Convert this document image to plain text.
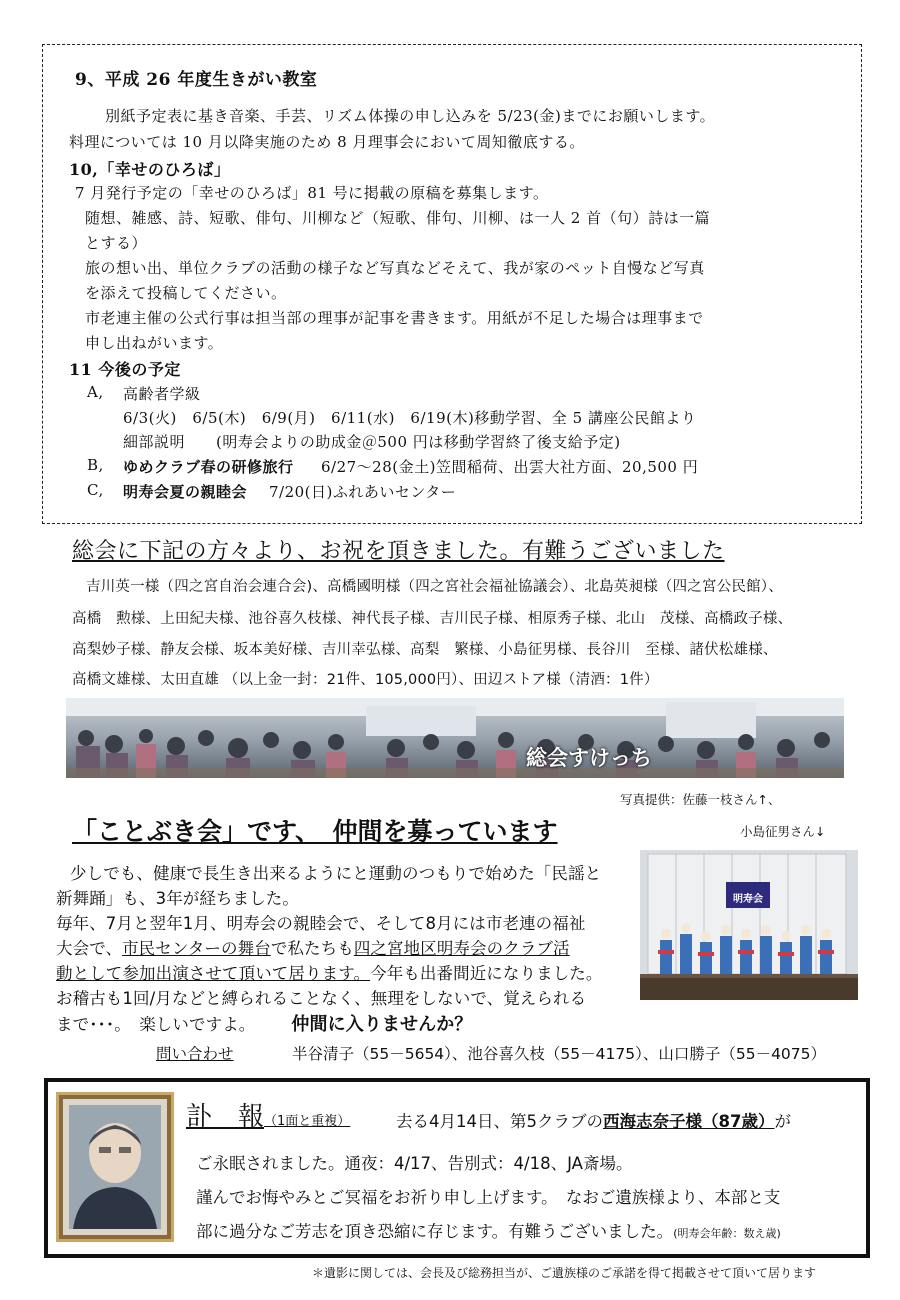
9、平成 26 年度生きがい教室
別紙予定表に基き音楽、手芸、リズム体操の申し込みを 5/23(金)までにお願いします。
料理については 10 月以降実施のため 8 月理事会において周知徹底する。
10,「幸せのひろば」
7 月発行予定の「幸せのひろば」81 号に掲載の原稿を募集します。
随想、雑感、詩、短歌、俳句、川柳など（短歌、俳句、川柳、は一人 2 首（句）詩は一篇
とする）
旅の想い出、単位クラブの活動の様子など写真などそえて、我が家のペット自慢など写真
を添えて投稿してください。
市老連主催の公式行事は担当部の理事が記事を書きます。用紙が不足した場合は理事まで
申し出ねがいます。
11 今後の予定
A, 高齢者学級
6/3(火)　6/5(木)　6/9(月)　6/11(水)　6/19(木)移動学習、全 5 講座公民館より
細部説明　　(明寿会よりの助成金＠500 円は移動学習終了後支給予定)
B, ゆめクラブ春の研修旅行 6/27～28(金土)笠間稲荷、出雲大社方面、20,500 円
C, 明寿会夏の親睦会 7/20(日)ふれあいセンター
総会に下記の方々より、お祝を頂きました。有難うございました
吉川英一様（四之宮自治会連合会)、高橋國明様（四之宮社会福祉協議会）、北島英昶様（四之宮公民館）、
高橋　勲様、上田紀夫様、池谷喜久枝様、神代長子様、吉川民子様、相原秀子様、北山　茂様、高橋政子様、
高梨妙子様、静友会様、坂本美好様、吉川幸弘様、高梨　繁様、小島征男様、長谷川　至様、諸伏松雄様、
高橋文雄様、太田直雄 （以上金一封：21件、105,000円）、田辺ストア様（清酒：1件）
総会すけっち
写真提供：佐藤一枝さん↑、
「ことぶき会」です、　仲間を募っています	小島征男さん↓
明寿会
少しでも、健康で長生き出来るようにと運動のつもりで始めた「民謡と
新舞踊」も、3年が経ちました。
毎年、7月と翌年1月、明寿会の親睦会で、そして8月には市老連の福祉
大会で、市民センターの舞台で私たちも四之宮地区明寿会のクラブ活
動として参加出演させて頂いて居ります。今年も出番間近になりました。
お稽古も1回/月などと縛られることなく、無理をしないで、覚えられる
まで･･･。　楽しいですよ。 仲間に入りませんか？
問い合わせ	半谷清子（55－5654）、池谷喜久枝（55－4175）、山口勝子（55－4075）
訃　報（1面と重複）	去る4月14日、第5クラブの西海志奈子様（87歳）が
ご永眠されました。通夜：4/17、告別式：4/18、JA斎場。
謹んでお悔やみとご冥福をお祈り申し上げます。　なおご遺族様より、本部と支
部に過分なご芳志を頂き恐縮に存じます。有難うございました。(明寿会年齢：数え歳)
＊遺影に関しては、会長及び総務担当が、ご遺族様のご承諾を得て掲載させて頂いて居ります
